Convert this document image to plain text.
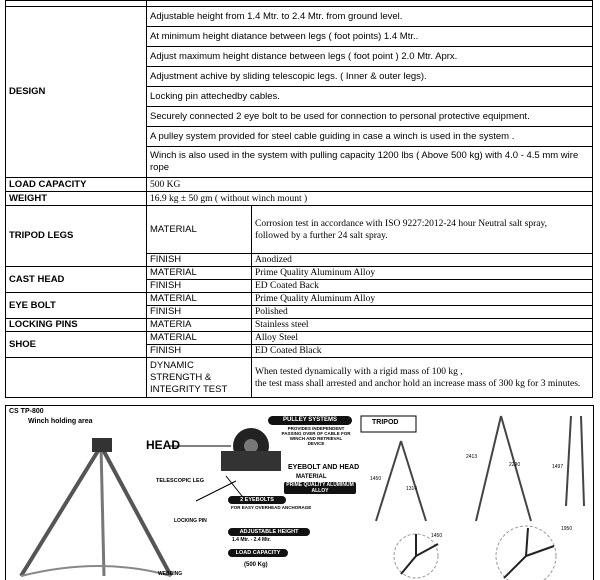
DESIGN	Adjustable height from 1.4 Mtr. to 2.4 Mtr. from ground level.	
	At minimum height diatance between legs ( foot points) 1.4 Mtr..	
	Adjust maximum height distance between legs ( foot point ) 2.0 Mtr. Aprx.	
	Adjustment achive by sliding telescopic legs. ( Inner & outer legs).	
	Locking pin attechedby cables.	
	Securely connected 2 eye bolt to be used for connection to personal protective equipment.	
	A pulley system provided for steel cable guiding in case a winch is used in the system .	
	Winch is also used in the system with pulling capacity 1200 lbs ( Above 500 kg) with 4.0 - 4.5 mm wire rope	
LOAD CAPACITY	500 KG	
WEIGHT	16.9 kg ± 50 gm ( without winch mount )	
TRIPOD LEGS	MATERIAL	Corrosion test in accordance with ISO 9227:2012-24 hour Neutral salt spray,
followed by a further 24 salt spray.

	FINISH	Anodized
CAST HEAD	MATERIAL	Prime Quality Aluminum Alloy
	FINISH	ED Coated Back
EYE BOLT	MATERIAL	Prime Quality Aluminum Alloy
	FINISH	Polished
LOCKING PINS	MATERIA	Stainless steel
SHOE	MATERIAL	Alloy Steel
	FINISH	ED Coated Black
	DYNAMIC STRENGTH & INTEGRITY TEST	When tested dynamically with a rigid mass of 100 kg ,
the test mass shall arrested and anchor hold an increase mass of 300 kg for 3 minutes.
CS TP-800
Winch holding area
HEAD
PULLEY SYSTEMS
PROVIDES INDEPENDENT PASSING OVER OF CABLE FOR WINCH AND RETRIEVAL DEVICE
EYEBOLT AND HEAD
MATERIAL
PRIME QUALITY ALUMINUM ALLOY
TELESCOPIC LEG
2 EYEBOLTS
FOR EASY OVERHEAD ANCHORAGE
LOCKING PIN
ADJUSTABLE HEIGHT
1.4 Mtr. - 2.4 Mtr.
LOAD CAPACITY
(500 Kg)
WEBBING
TRIPOD
1450
1314
2413
2290	1497
1450
1950
